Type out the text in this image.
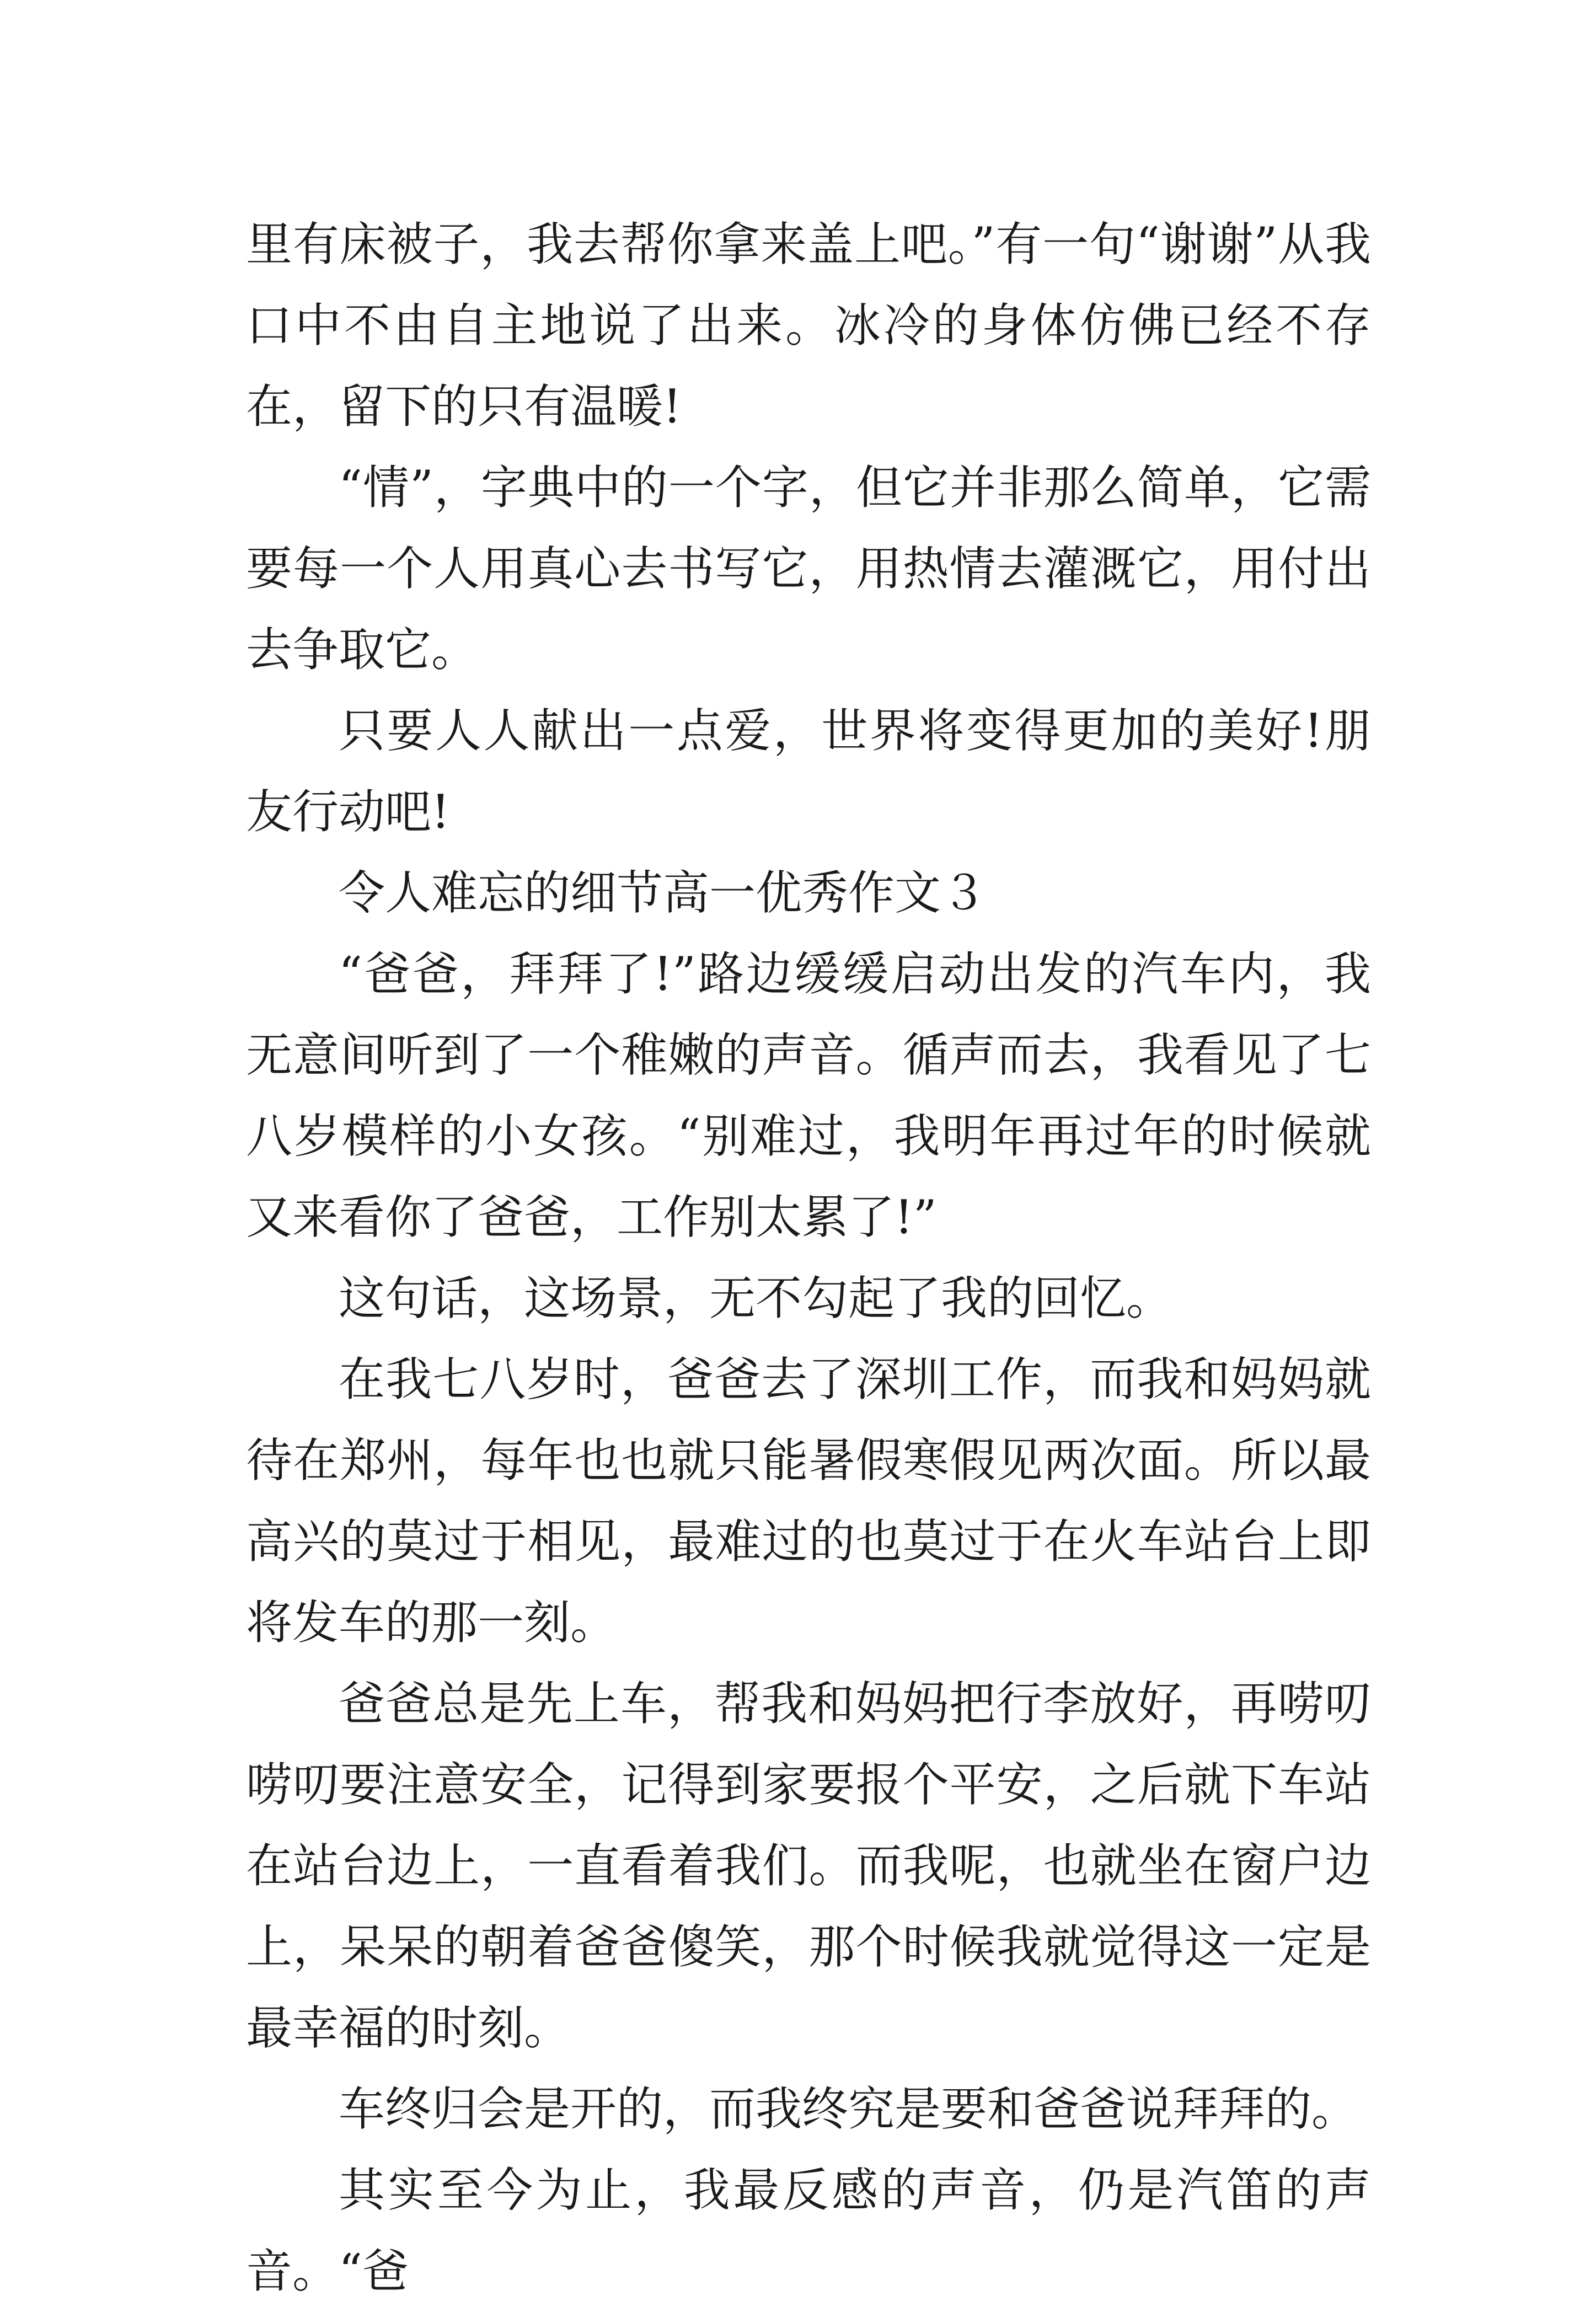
里有床被子，我去帮你拿来盖上吧。”有一句“谢谢”从我口中不由自主地说了出来。冰冷的身体仿佛已经不存在，留下的只有温暖!

“情”，字典中的一个字，但它并非那么简单，它需要每一个人用真心去书写它，用热情去灌溉它，用付出去争取它。

只要人人献出一点爱，世界将变得更加的美好!朋友行动吧!

令人难忘的细节高一优秀作文３

“爸爸，拜拜了!”路边缓缓启动出发的汽车内，我无意间听到了一个稚嫩的声音。循声而去，我看见了七八岁模样的小女孩。“别难过，我明年再过年的时候就又来看你了爸爸，工作别太累了!”

这句话，这场景，无不勾起了我的回忆。

在我七八岁时，爸爸去了深圳工作，而我和妈妈就待在郑州，每年也也就只能暑假寒假见两次面。所以最高兴的莫过于相见，最难过的也莫过于在火车站台上即将发车的那一刻。

爸爸总是先上车，帮我和妈妈把行李放好，再唠叨唠叨要注意安全，记得到家要报个平安，之后就下车站在站台边上，一直看着我们。而我呢，也就坐在窗户边上，呆呆的朝着爸爸傻笑，那个时候我就觉得这一定是最幸福的时刻。

车终归会是开的，而我终究是要和爸爸说拜拜的。

其实至今为止，我最反感的声音，仍是汽笛的声音。“爸
